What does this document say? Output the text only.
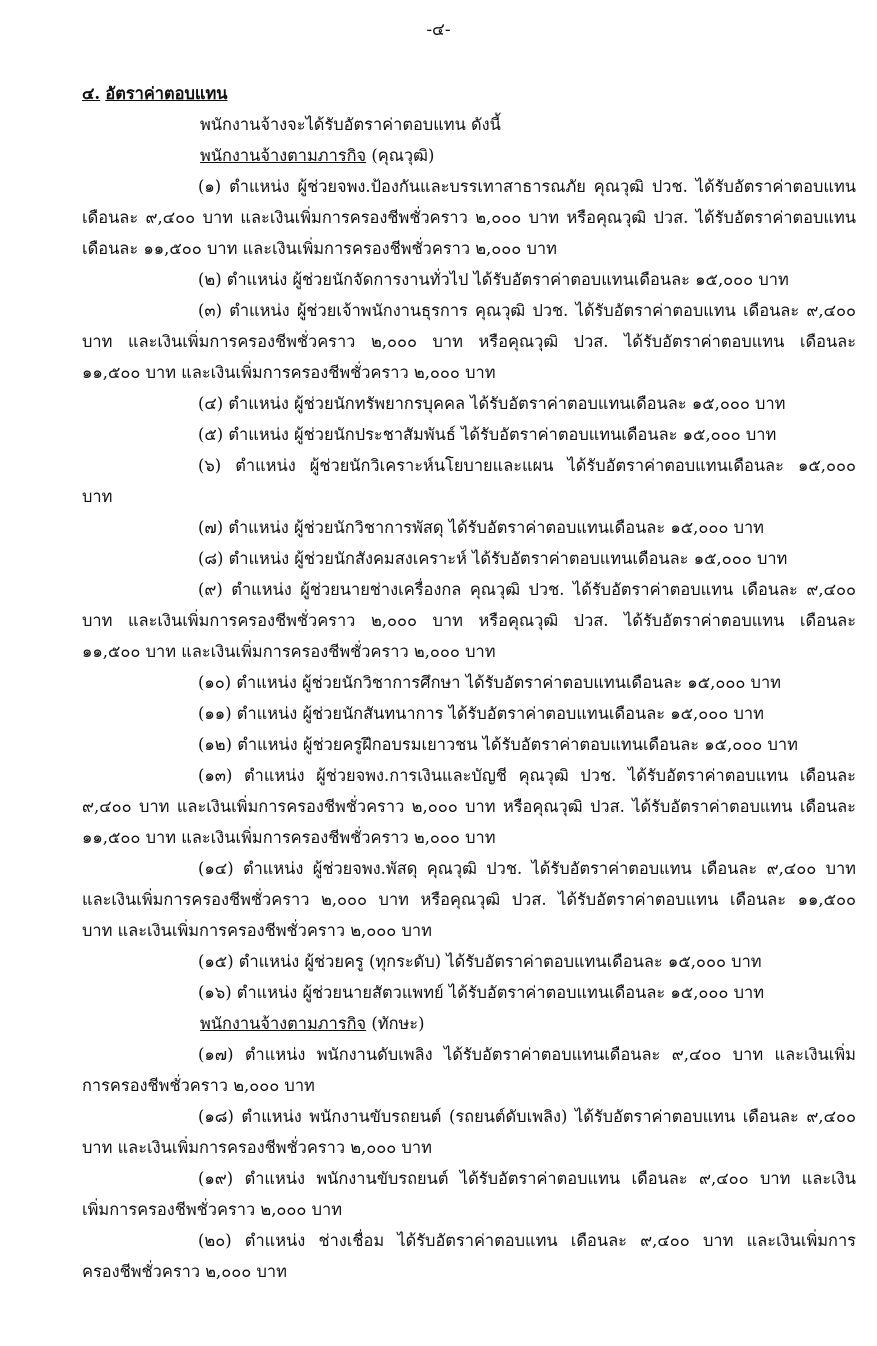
-๔-
๔. อัตราค่าตอบแทน
พนักงานจ้างจะได้รับอัตราค่าตอบแทน ดังนี้
พนักงานจ้างตามภารกิจ (คุณวุฒิ)
(๑) ตำแหน่ง ผู้ช่วยจพง.ป้องกันและบรรเทาสาธารณภัย คุณวุฒิ ปวช. ได้รับอัตราค่าตอบแทน
เดือนละ ๙,๔๐๐ บาท และเงินเพิ่มการครองชีพชั่วคราว ๒,๐๐๐ บาท หรือคุณวุฒิ ปวส. ได้รับอัตราค่าตอบแทน
เดือนละ ๑๑,๕๐๐ บาท และเงินเพิ่มการครองชีพชั่วคราว ๒,๐๐๐ บาท
(๒) ตำแหน่ง ผู้ช่วยนักจัดการงานทั่วไป ได้รับอัตราค่าตอบแทนเดือนละ ๑๕,๐๐๐ บาท
(๓) ตำแหน่ง ผู้ช่วยเจ้าพนักงานธุรการ คุณวุฒิ ปวช. ได้รับอัตราค่าตอบแทน เดือนละ ๙,๔๐๐
บาท และเงินเพิ่มการครองชีพชั่วคราว ๒,๐๐๐ บาท หรือคุณวุฒิ ปวส. ได้รับอัตราค่าตอบแทน เดือนละ
๑๑,๕๐๐ บาท และเงินเพิ่มการครองชีพชั่วคราว ๒,๐๐๐ บาท
(๔) ตำแหน่ง ผู้ช่วยนักทรัพยากรบุคคล ได้รับอัตราค่าตอบแทนเดือนละ ๑๕,๐๐๐ บาท
(๕) ตำแหน่ง ผู้ช่วยนักประชาสัมพันธ์ ได้รับอัตราค่าตอบแทนเดือนละ ๑๕,๐๐๐ บาท
(๖) ตำแหน่ง ผู้ช่วยนักวิเคราะห์นโยบายและแผน ได้รับอัตราค่าตอบแทนเดือนละ ๑๕,๐๐๐
บาท
(๗) ตำแหน่ง ผู้ช่วยนักวิชาการพัสดุ ได้รับอัตราค่าตอบแทนเดือนละ ๑๕,๐๐๐ บาท
(๘) ตำแหน่ง ผู้ช่วยนักสังคมสงเคราะห์ ได้รับอัตราค่าตอบแทนเดือนละ ๑๕,๐๐๐ บาท
(๙) ตำแหน่ง ผู้ช่วยนายช่างเครื่องกล คุณวุฒิ ปวช. ได้รับอัตราค่าตอบแทน เดือนละ ๙,๔๐๐
บาท และเงินเพิ่มการครองชีพชั่วคราว ๒,๐๐๐ บาท หรือคุณวุฒิ ปวส. ได้รับอัตราค่าตอบแทน เดือนละ
๑๑,๕๐๐ บาท และเงินเพิ่มการครองชีพชั่วคราว ๒,๐๐๐ บาท
(๑๐) ตำแหน่ง ผู้ช่วยนักวิชาการศึกษา ได้รับอัตราค่าตอบแทนเดือนละ ๑๕,๐๐๐ บาท
(๑๑) ตำแหน่ง ผู้ช่วยนักสันทนาการ ได้รับอัตราค่าตอบแทนเดือนละ ๑๕,๐๐๐ บาท
(๑๒) ตำแหน่ง ผู้ช่วยครูฝึกอบรมเยาวชน ได้รับอัตราค่าตอบแทนเดือนละ ๑๕,๐๐๐ บาท
(๑๓) ตำแหน่ง ผู้ช่วยจพง.การเงินและบัญชี คุณวุฒิ ปวช. ได้รับอัตราค่าตอบแทน เดือนละ
๙,๔๐๐ บาท และเงินเพิ่มการครองชีพชั่วคราว ๒,๐๐๐ บาท หรือคุณวุฒิ ปวส. ได้รับอัตราค่าตอบแทน เดือนละ
๑๑,๕๐๐ บาท และเงินเพิ่มการครองชีพชั่วคราว ๒,๐๐๐ บาท
(๑๔) ตำแหน่ง ผู้ช่วยจพง.พัสดุ คุณวุฒิ ปวช. ได้รับอัตราค่าตอบแทน เดือนละ ๙,๔๐๐ บาท
และเงินเพิ่มการครองชีพชั่วคราว ๒,๐๐๐ บาท หรือคุณวุฒิ ปวส. ได้รับอัตราค่าตอบแทน เดือนละ ๑๑,๕๐๐
บาท และเงินเพิ่มการครองชีพชั่วคราว ๒,๐๐๐ บาท
(๑๕) ตำแหน่ง ผู้ช่วยครู (ทุกระดับ) ได้รับอัตราค่าตอบแทนเดือนละ ๑๕,๐๐๐ บาท
(๑๖) ตำแหน่ง ผู้ช่วยนายสัตวแพทย์ ได้รับอัตราค่าตอบแทนเดือนละ ๑๕,๐๐๐ บาท
พนักงานจ้างตามภารกิจ (ทักษะ)
(๑๗) ตำแหน่ง พนักงานดับเพลิง ได้รับอัตราค่าตอบแทนเดือนละ ๙,๔๐๐ บาท และเงินเพิ่ม
การครองชีพชั่วคราว ๒,๐๐๐ บาท
(๑๘) ตำแหน่ง พนักงานขับรถยนต์ (รถยนต์ดับเพลิง) ได้รับอัตราค่าตอบแทน เดือนละ ๙,๔๐๐
บาท และเงินเพิ่มการครองชีพชั่วคราว ๒,๐๐๐ บาท
(๑๙) ตำแหน่ง พนักงานขับรถยนต์ ได้รับอัตราค่าตอบแทน เดือนละ ๙,๔๐๐ บาท และเงิน
เพิ่มการครองชีพชั่วคราว ๒,๐๐๐ บาท
(๒๐) ตำแหน่ง ช่างเชื่อม ได้รับอัตราค่าตอบแทน เดือนละ ๙,๔๐๐ บาท และเงินเพิ่มการ
ครองชีพชั่วคราว ๒,๐๐๐ บาท
